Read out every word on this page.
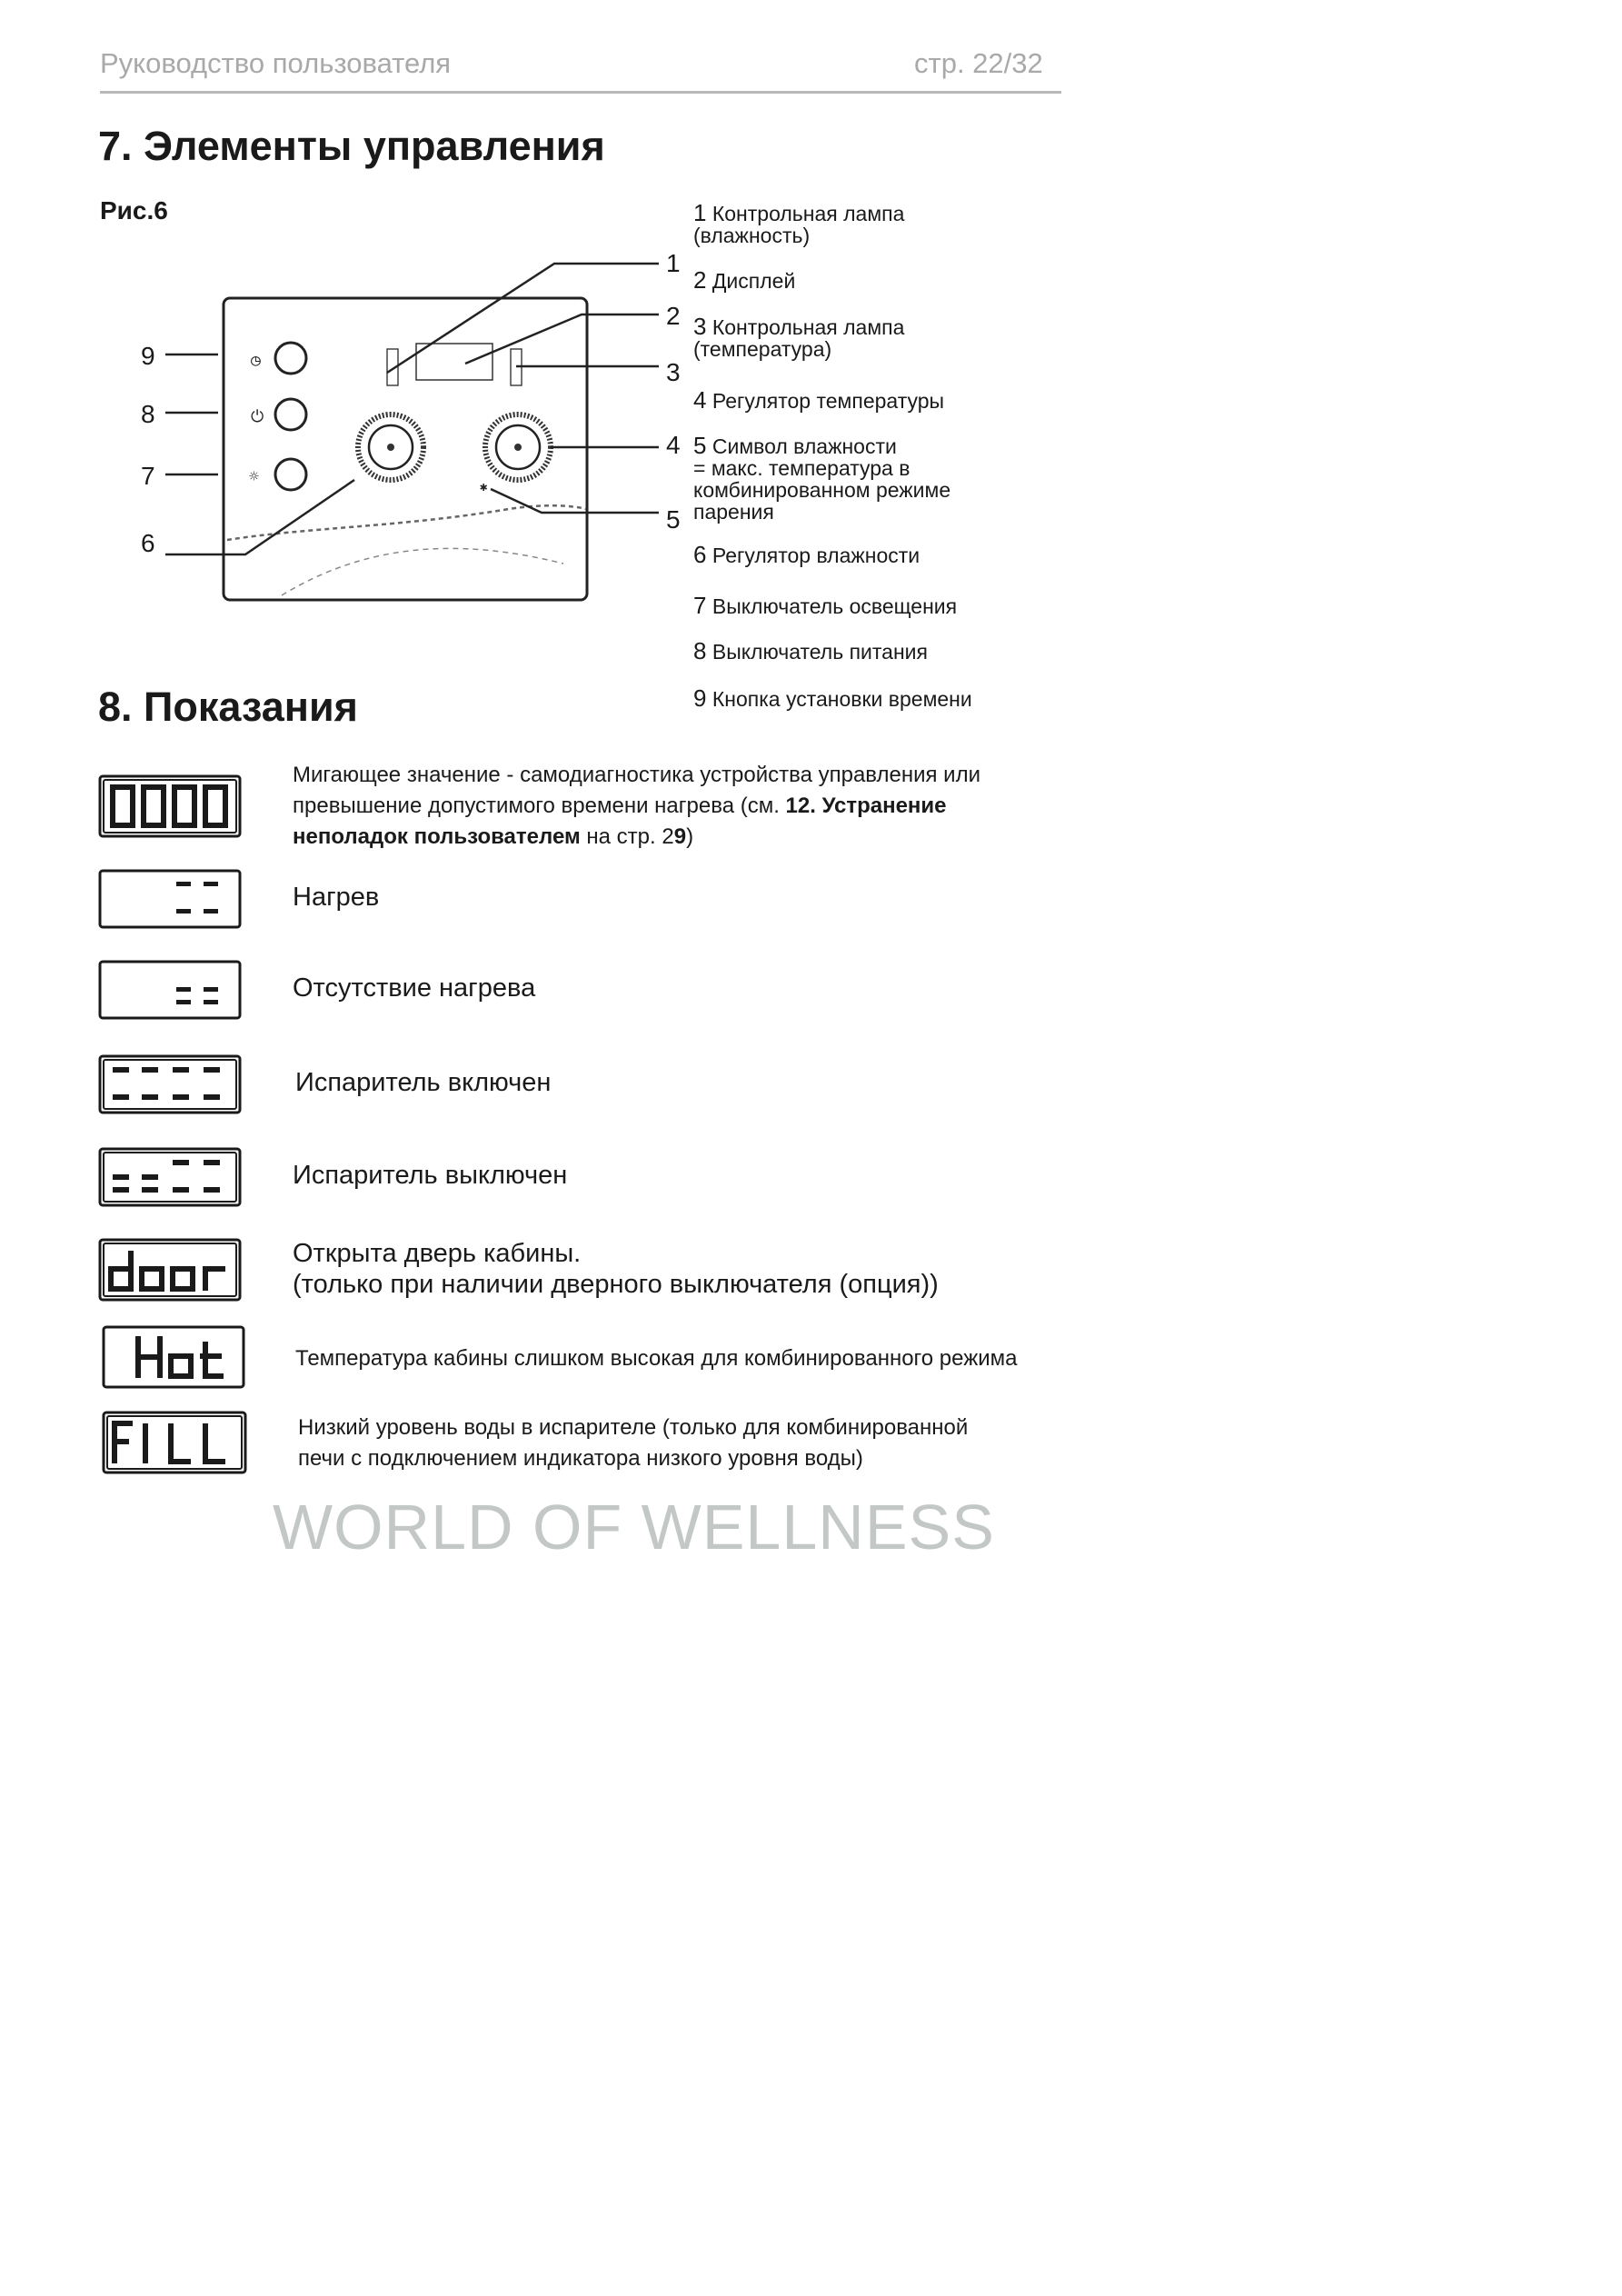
Руководство пользователя	стр. 22/32
7. Элементы управления
Рис.6
◷
⏻
☼
✱
1
2
3
4
5
6
7
8
9
1 Контрольная лампа
(влажность)
2 Дисплей
3 Контрольная лампа
(температура)
4 Регулятор температуры
5 Символ влажности
= макс. температура в
комбинированном режиме
парения
6 Регулятор влажности
7 Выключатель освещения
8 Выключатель питания
9 Кнопка установки времени
8. Показания
Мигающее значение - самодиагностика устройства управления или
превышение допустимого времени нагрева (см. 12. Устранение
неполадок пользователем на стр. 29)
Нагрев
Отсутствие нагрева
Испаритель включен
Испаритель выключен
Открыта дверь кабины.
(только при наличии дверного выключателя (опция))
Температура кабины слишком высокая для комбинированного режима
Низкий уровень воды в испарителе (только для комбинированной
печи с подключением индикатора низкого уровня воды)
WORLD OF WELLNESS
